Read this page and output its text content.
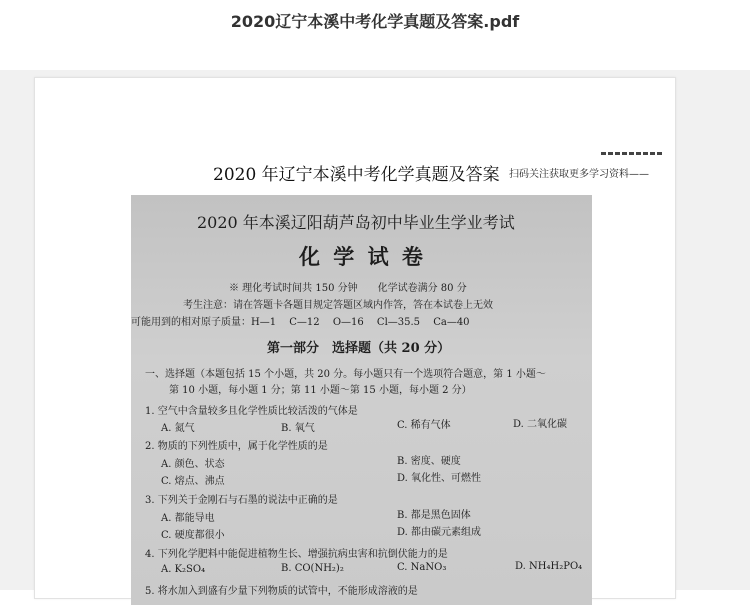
2020辽宁本溪中考化学真题及答案.pdf
2020 年辽宁本溪中考化学真题及答案 扫码关注获取更多学习资料——
2020 年本溪辽阳葫芦岛初中毕业生学业考试
化 学 试 卷
※ 理化考试时间共 150 分钟　　化学试卷满分 80 分
考生注意：请在答题卡各题目规定答题区域内作答，答在本试卷上无效
可能用到的相对原子质量：H—1　 C—12　 O—16　 Cl—35.5　 Ca—40
第一部分　选择题（共 20 分）
一、选择题（本题包括 15 个小题，共 20 分。每小题只有一个选项符合题意，第 1 小题～
第 10 小题，每小题 1 分；第 11 小题～第 15 小题，每小题 2 分）
1. 空气中含量较多且化学性质比较活泼的气体是
A. 氮气	B. 氧气	C. 稀有气体	D. 二氧化碳
2. 物质的下列性质中，属于化学性质的是
A. 颜色、状态	B. 密度、硬度
C. 熔点、沸点	D. 氧化性、可燃性
3. 下列关于金刚石与石墨的说法中正确的是
A. 都能导电	B. 都是黑色固体
C. 硬度都很小	D. 都由碳元素组成
4. 下列化学肥料中能促进植物生长、增强抗病虫害和抗倒伏能力的是
A. K₂SO₄	B. CO(NH₂)₂	C. NaNO₃	D. NH₄H₂PO₄
5. 将水加入到盛有少量下列物质的试管中，不能形成溶液的是
